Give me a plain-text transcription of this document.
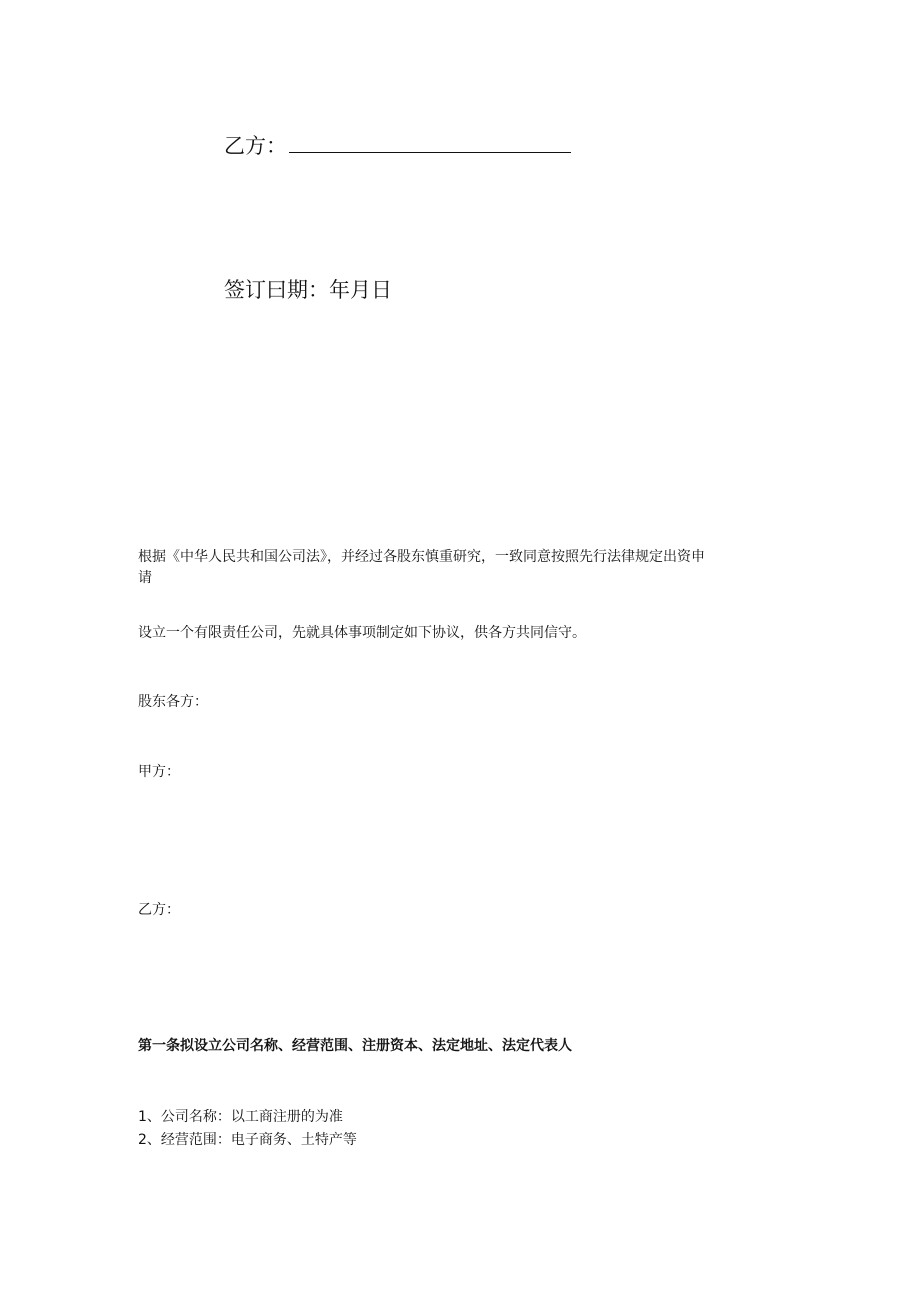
乙方：
签订曰期：年月日
根据《中华人民共和国公司法》，并经过各股东慎重研究，一致同意按照先行法律规定出资申
请
设立一个有限责任公司，先就具体事项制定如下协议，供各方共同信守。
股东各方：
甲方：
乙方：
第一条拟设立公司名称、经营范围、注册资本、法定地址、法定代表人
1、公司名称：以工商注册的为准
2、经营范围：电子商务、土特产等
